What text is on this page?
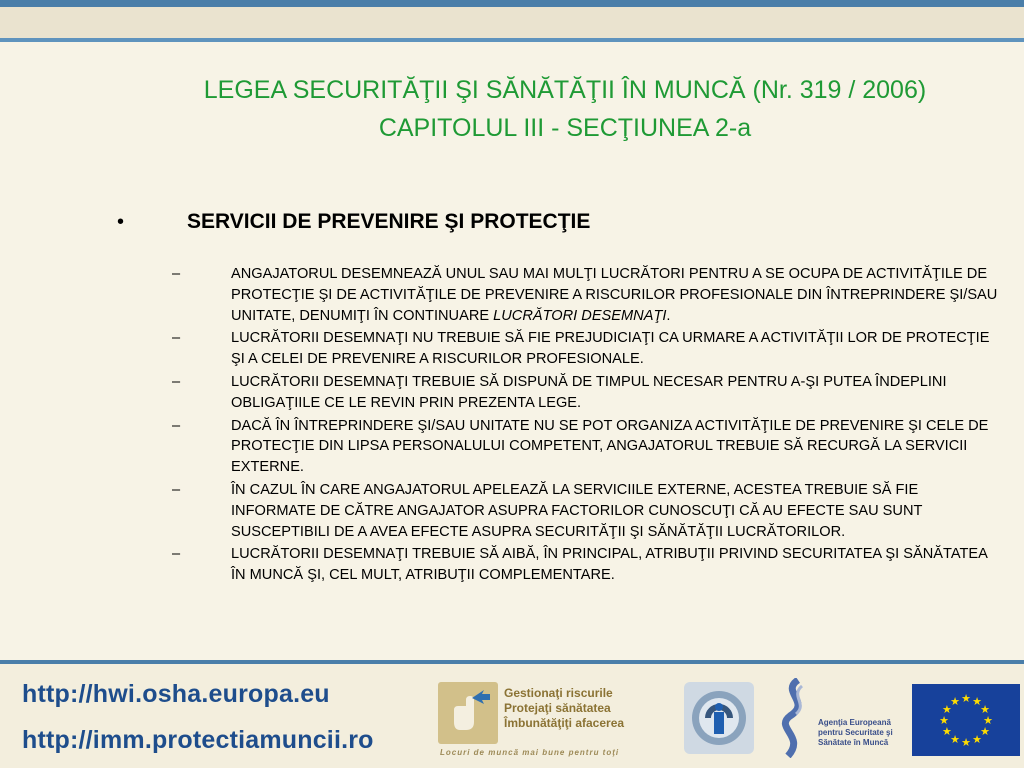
LEGEA SECURITĂŢII ŞI SĂNĂTĂŢII ÎN MUNCĂ (Nr. 319 / 2006)
CAPITOLUL III - SECŢIUNEA 2-a
•	SERVICII DE PREVENIRE ŞI PROTECŢIE
–	ANGAJATORUL DESEMNEAZĂ UNUL SAU MAI MULŢI LUCRĂTORI PENTRU A SE OCUPA DE ACTIVITĂŢILE DE PROTECŢIE ŞI DE ACTIVITĂŢILE DE PREVENIRE A RISCURILOR PROFESIONALE DIN ÎNTREPRINDERE ŞI/SAU UNITATE, DENUMIŢI ÎN CONTINUARE LUCRĂTORI DESEMNAŢI.
–	LUCRĂTORII DESEMNAŢI NU TREBUIE SĂ FIE PREJUDICIAŢI CA URMARE A ACTIVITĂŢII LOR DE PROTECŢIE ŞI A CELEI DE PREVENIRE A RISCURILOR PROFESIONALE.
–	LUCRĂTORII DESEMNAŢI TREBUIE SĂ DISPUNĂ DE TIMPUL NECESAR PENTRU A-ŞI PUTEA ÎNDEPLINI OBLIGAŢIILE CE LE REVIN PRIN PREZENTA LEGE.
–	DACĂ ÎN ÎNTREPRINDERE ŞI/SAU UNITATE NU SE POT ORGANIZA ACTIVITĂŢILE DE PREVENIRE ŞI CELE DE PROTECŢIE DIN LIPSA PERSONALULUI COMPETENT, ANGAJATORUL TREBUIE SĂ RECURGĂ LA SERVICII EXTERNE.
–	ÎN CAZUL ÎN CARE ANGAJATORUL APELEAZĂ LA SERVICIILE EXTERNE, ACESTEA TREBUIE SĂ FIE INFORMATE DE CĂTRE ANGAJATOR ASUPRA FACTORILOR CUNOSCUŢI CĂ AU EFECTE SAU SUNT SUSCEPTIBILI DE A AVEA EFECTE ASUPRA SECURITĂŢII ŞI SĂNĂTĂŢII LUCRĂTORILOR.
–	LUCRĂTORII DESEMNAŢI TREBUIE SĂ AIBĂ, ÎN PRINCIPAL, ATRIBUŢII PRIVIND SECURITATEA ŞI SĂNĂTATEA ÎN MUNCĂ ŞI, CEL MULT, ATRIBUŢII COMPLEMENTARE.
http://hwi.osha.europa.eu
http://imm.protectiamuncii.ro
Gestionaţi riscurile
Protejaţi sănătatea
Îmbunătăţiţi afacerea
Locuri de muncă mai bune pentru toţi
Agenţia Europeană
pentru Securitate şi
Sănătate în Muncă
★ ★
★
★
★
★
★
★
★
★
★
★
